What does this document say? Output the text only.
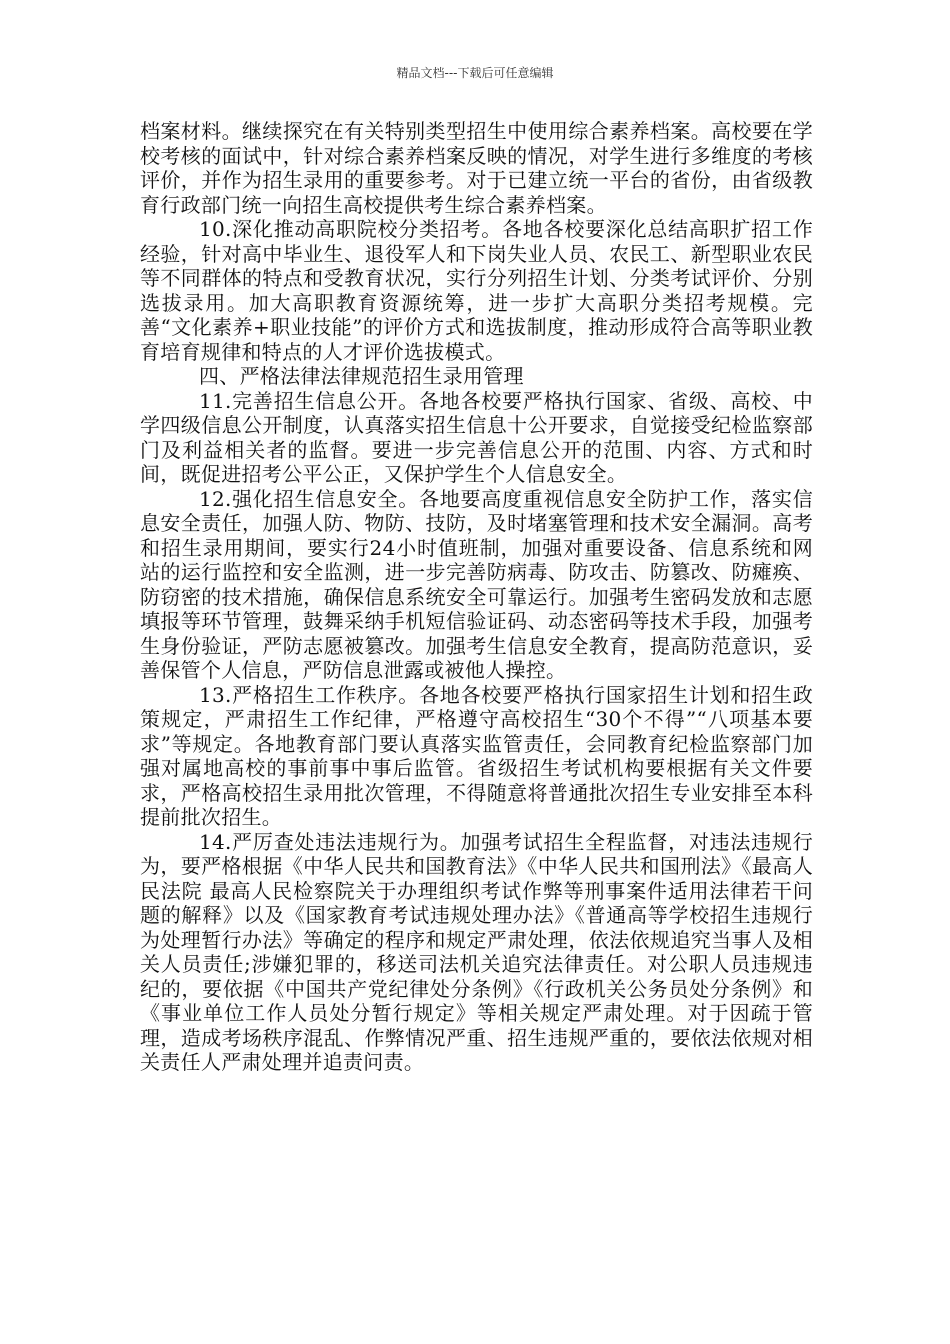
精品文档---下载后可任意编辑

档案材料。继续探究在有关特别类型招生中使用综合素养档案。高校要在学校考核的面试中，针对综合素养档案反映的情况，对学生进行多维度的考核评价，并作为招生录用的重要参考。对于已建立统一平台的省份，由省级教育行政部门统一向招生高校提供考生综合素养档案。

10.深化推动高职院校分类招考。各地各校要深化总结高职扩招工作经验，针对高中毕业生、退役军人和下岗失业人员、农民工、新型职业农民等不同群体的特点和受教育状况，实行分列招生计划、分类考试评价、分别选拔录用。加大高职教育资源统筹，进一步扩大高职分类招考规模。完善“文化素养+职业技能”的评价方式和选拔制度，推动形成符合高等职业教育培育规律和特点的人才评价选拔模式。

四、严格法律法律规范招生录用管理

11.完善招生信息公开。各地各校要严格执行国家、省级、高校、中学四级信息公开制度，认真落实招生信息十公开要求，自觉接受纪检监察部门及利益相关者的监督。要进一步完善信息公开的范围、内容、方式和时间，既促进招考公平公正，又保护学生个人信息安全。

12.强化招生信息安全。各地要高度重视信息安全防护工作，落实信息安全责任，加强人防、物防、技防，及时堵塞管理和技术安全漏洞。高考和招生录用期间，要实行24小时值班制，加强对重要设备、信息系统和网站的运行监控和安全监测，进一步完善防病毒、防攻击、防篡改、防瘫痪、防窃密的技术措施，确保信息系统安全可靠运行。加强考生密码发放和志愿填报等环节管理，鼓舞采纳手机短信验证码、动态密码等技术手段，加强考生身份验证，严防志愿被篡改。加强考生信息安全教育，提高防范意识，妥善保管个人信息，严防信息泄露或被他人操控。

13.严格招生工作秩序。各地各校要严格执行国家招生计划和招生政策规定，严肃招生工作纪律，严格遵守高校招生“30个不得”“八项基本要求”等规定。各地教育部门要认真落实监管责任，会同教育纪检监察部门加强对属地高校的事前事中事后监管。省级招生考试机构要根据有关文件要求，严格高校招生录用批次管理，不得随意将普通批次招生专业安排至本科提前批次招生。

14.严厉查处违法违规行为。加强考试招生全程监督，对违法违规行为，要严格根据《中华人民共和国教育法》《中华人民共和国刑法》《最高人民法院 最高人民检察院关于办理组织考试作弊等刑事案件适用法律若干问题的解释》以及《国家教育考试违规处理办法》《普通高等学校招生违规行为处理暂行办法》等确定的程序和规定严肃处理，依法依规追究当事人及相关人员责任;涉嫌犯罪的，移送司法机关追究法律责任。对公职人员违规违纪的，要依据《中国共产党纪律处分条例》《行政机关公务员处分条例》和《事业单位工作人员处分暂行规定》等相关规定严肃处理。对于因疏于管理，造成考场秩序混乱、作弊情况严重、招生违规严重的，要依法依规对相关责任人严肃处理并追责问责。
